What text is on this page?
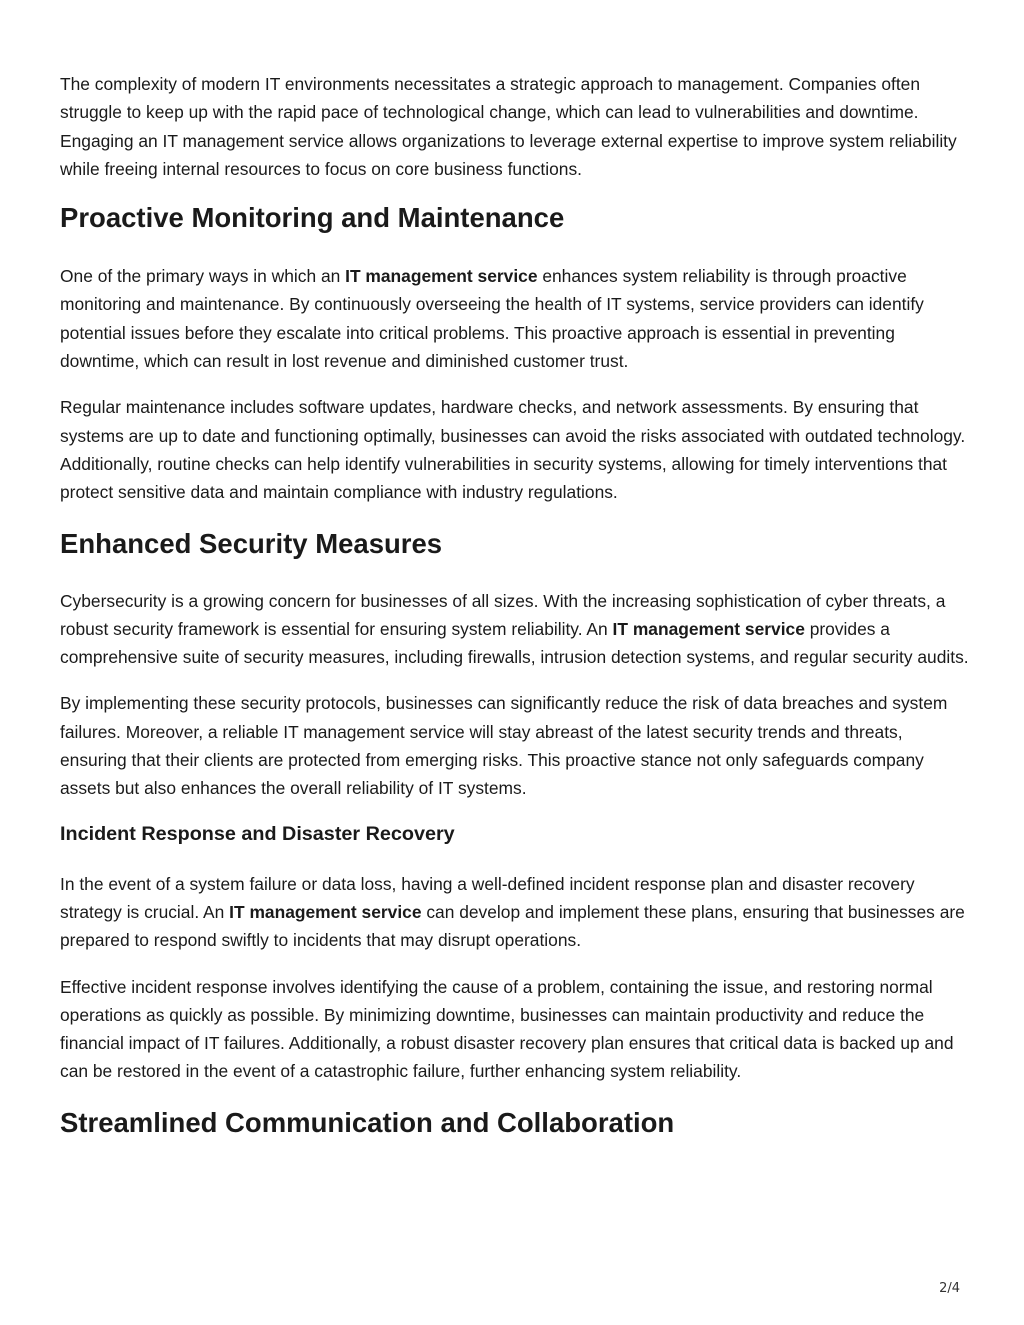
The complexity of modern IT environments necessitates a strategic approach to management. Companies often struggle to keep up with the rapid pace of technological change, which can lead to vulnerabilities and downtime. Engaging an IT management service allows organizations to leverage external expertise to improve system reliability while freeing internal resources to focus on core business functions.

Proactive Monitoring and Maintenance

One of the primary ways in which an IT management service enhances system reliability is through proactive monitoring and maintenance. By continuously overseeing the health of IT systems, service providers can identify potential issues before they escalate into critical problems. This proactive approach is essential in preventing downtime, which can result in lost revenue and diminished customer trust.

Regular maintenance includes software updates, hardware checks, and network assessments. By ensuring that systems are up to date and functioning optimally, businesses can avoid the risks associated with outdated technology. Additionally, routine checks can help identify vulnerabilities in security systems, allowing for timely interventions that protect sensitive data and maintain compliance with industry regulations.

Enhanced Security Measures

Cybersecurity is a growing concern for businesses of all sizes. With the increasing sophistication of cyber threats, a robust security framework is essential for ensuring system reliability. An IT management service provides a comprehensive suite of security measures, including firewalls, intrusion detection systems, and regular security audits.

By implementing these security protocols, businesses can significantly reduce the risk of data breaches and system failures. Moreover, a reliable IT management service will stay abreast of the latest security trends and threats, ensuring that their clients are protected from emerging risks. This proactive stance not only safeguards company assets but also enhances the overall reliability of IT systems.

Incident Response and Disaster Recovery

In the event of a system failure or data loss, having a well-defined incident response plan and disaster recovery strategy is crucial. An IT management service can develop and implement these plans, ensuring that businesses are prepared to respond swiftly to incidents that may disrupt operations.

Effective incident response involves identifying the cause of a problem, containing the issue, and restoring normal operations as quickly as possible. By minimizing downtime, businesses can maintain productivity and reduce the financial impact of IT failures. Additionally, a robust disaster recovery plan ensures that critical data is backed up and can be restored in the event of a catastrophic failure, further enhancing system reliability.

Streamlined Communication and Collaboration
2/4
